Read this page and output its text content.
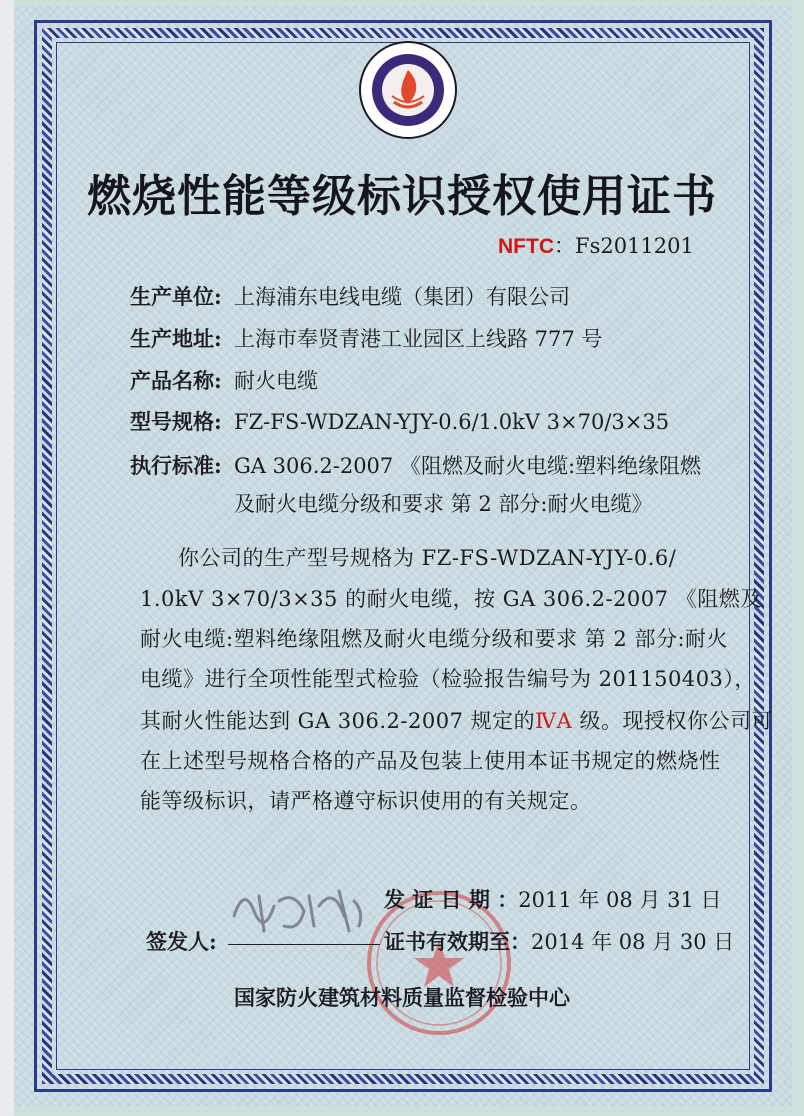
燃烧性能等级标识授权使用证书
NFTC：Fs2011201
生产单位: 上海浦东电线电缆（集团）有限公司
生产地址: 上海市奉贤青港工业园区上线路 777 号
产品名称: 耐火电缆
型号规格: FZ-FS-WDZAN-YJY-0.6/1.0kV 3×70/3×35
执行标准: GA 306.2-2007 《阻燃及耐火电缆:塑料绝缘阻燃
及耐火电缆分级和要求 第 2 部分:耐火电缆》
你公司的生产型号规格为 FZ-FS-WDZAN-YJY-0.6/
1.0kV 3×70/3×35 的耐火电缆，按 GA 306.2-2007 《阻燃及
耐火电缆:塑料绝缘阻燃及耐火电缆分级和要求 第 2 部分:耐火
电缆》进行全项性能型式检验（检验报告编号为 201150403），
其耐火性能达到 GA 306.2-2007 规定的ⅣA 级。现授权你公司可
在上述型号规格合格的产品及包装上使用本证书规定的燃烧性
能等级标识，请严格遵守标识使用的有关规定。
发 证 日 期 ：2011 年 08 月 31 日
证书有效期至：2014 年 08 月 30 日
签发人:
国家防火建筑材料质量监督检验中心
